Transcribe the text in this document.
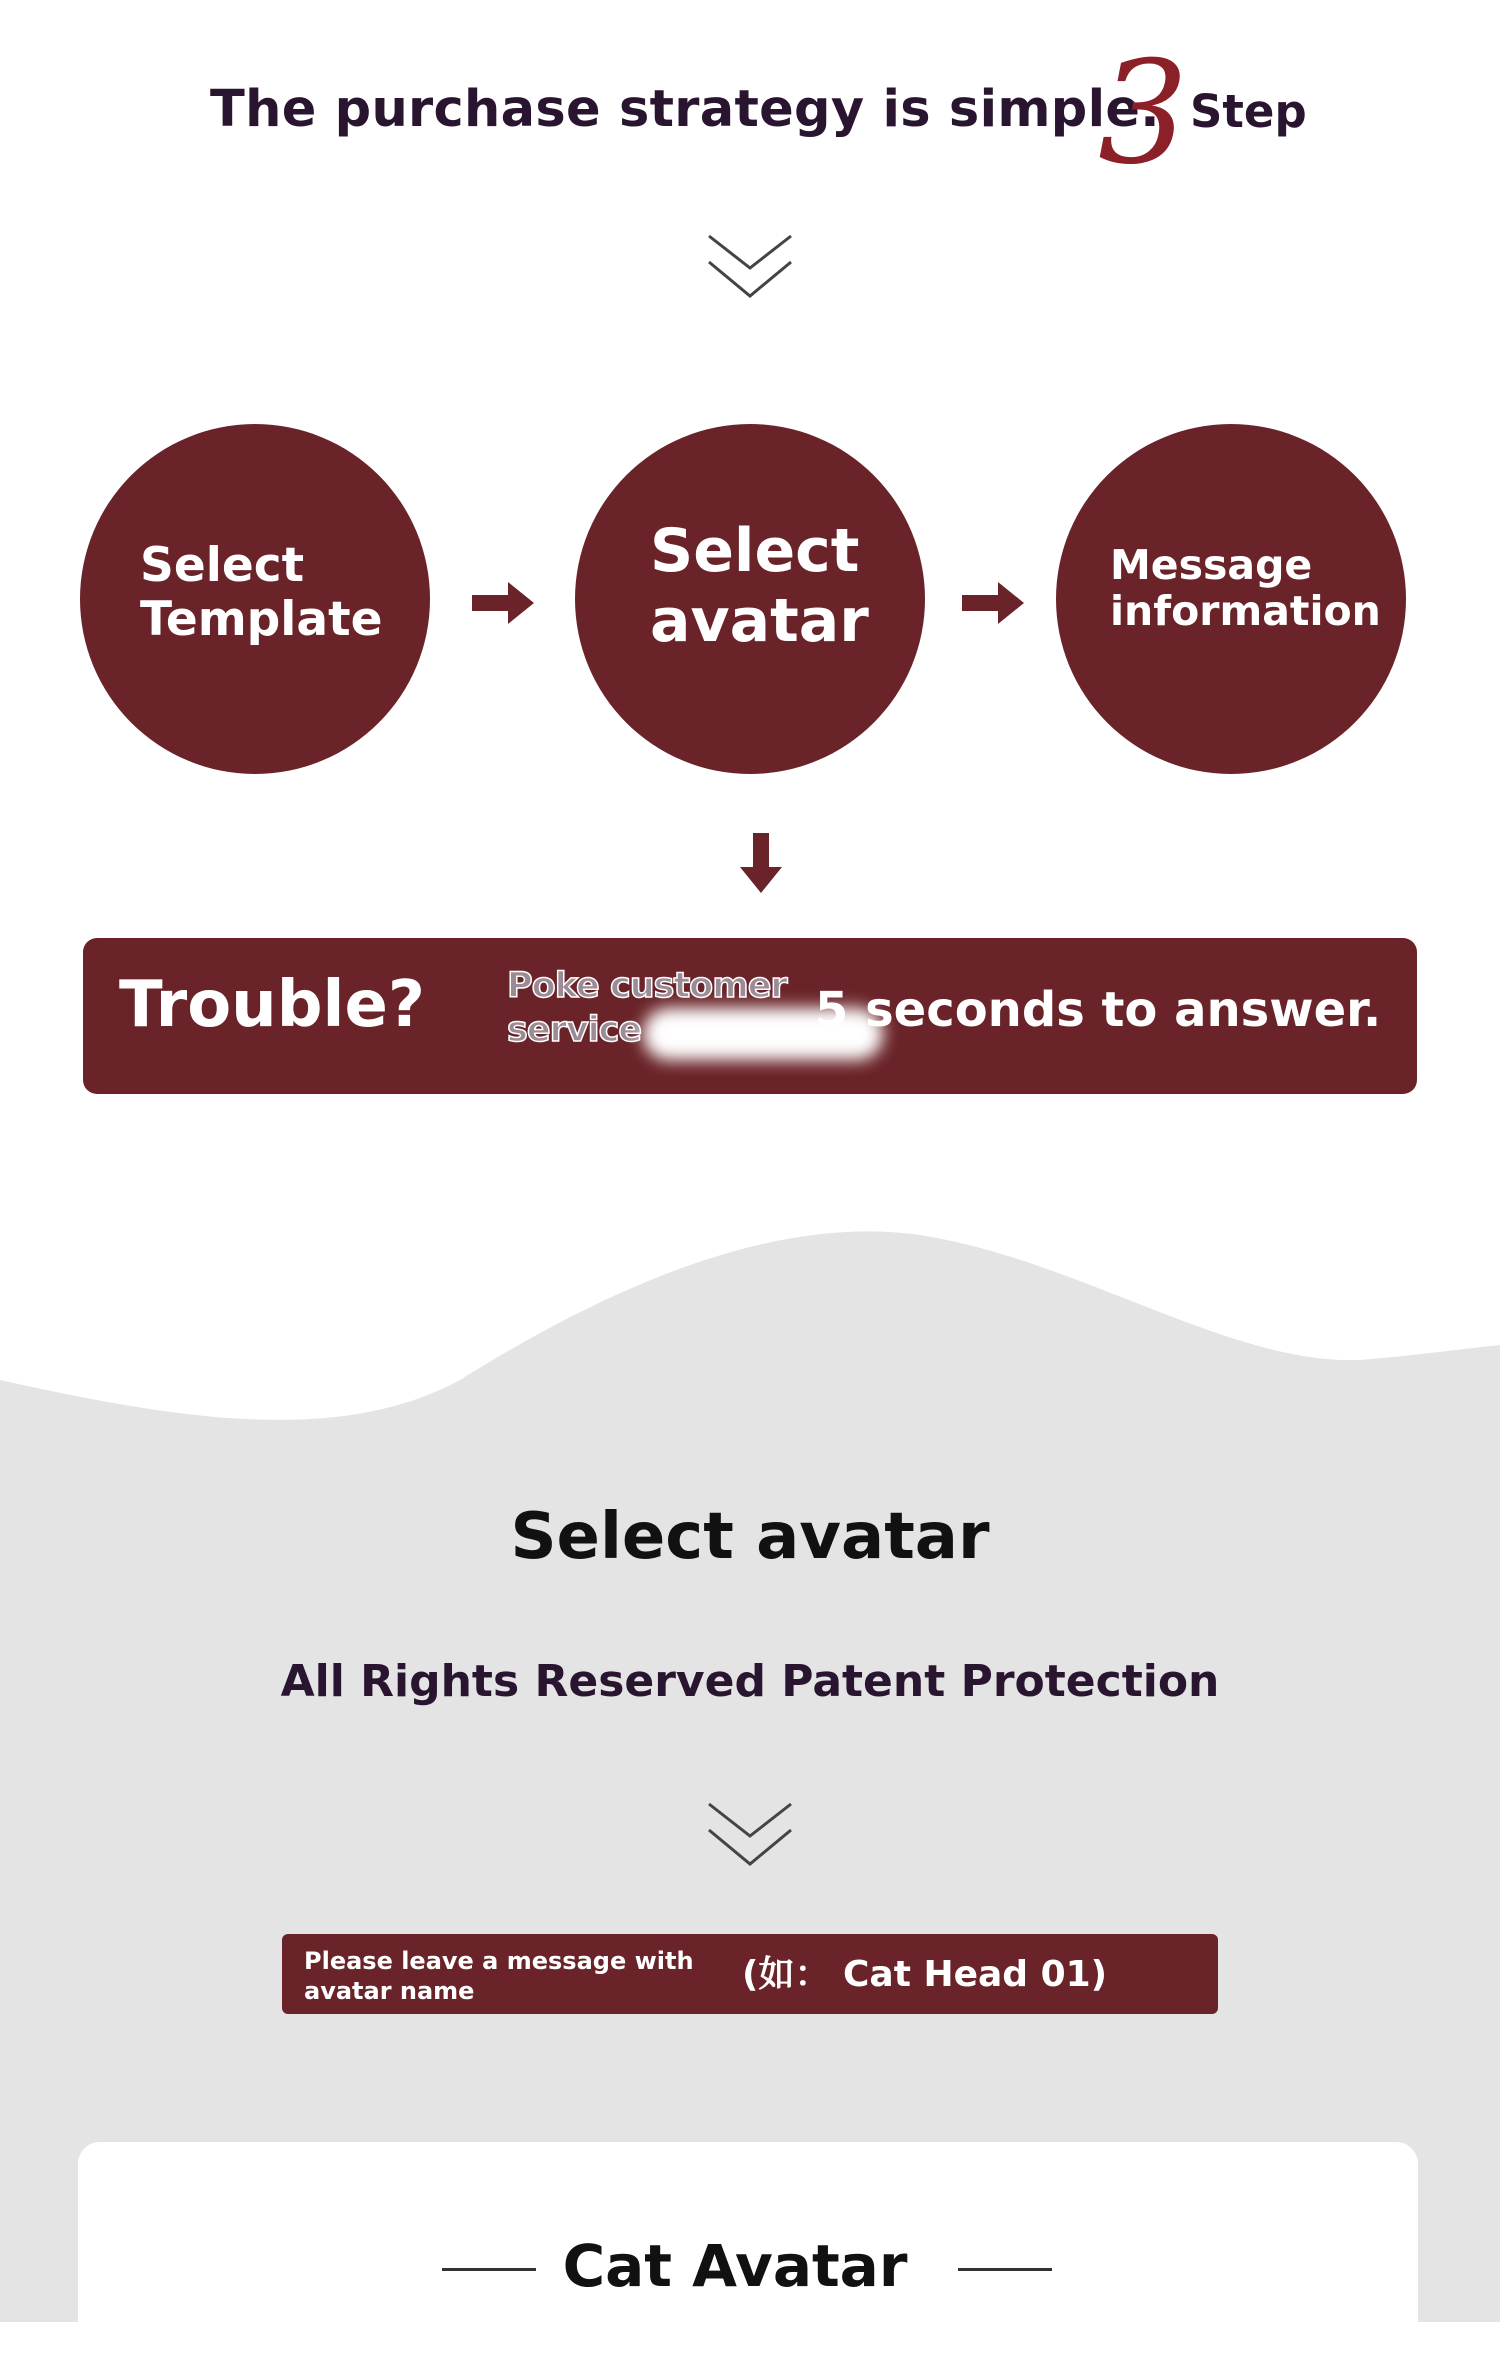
The purchase strategy is simple.
3 Step
Select
Template
Select
avatar
Message
information
Trouble? Poke customer service	5 seconds to answer.
Select avatar
All Rights Reserved Patent Protection
Please leave a message with avatar name	(如： Cat Head 01)
Cat Avatar
